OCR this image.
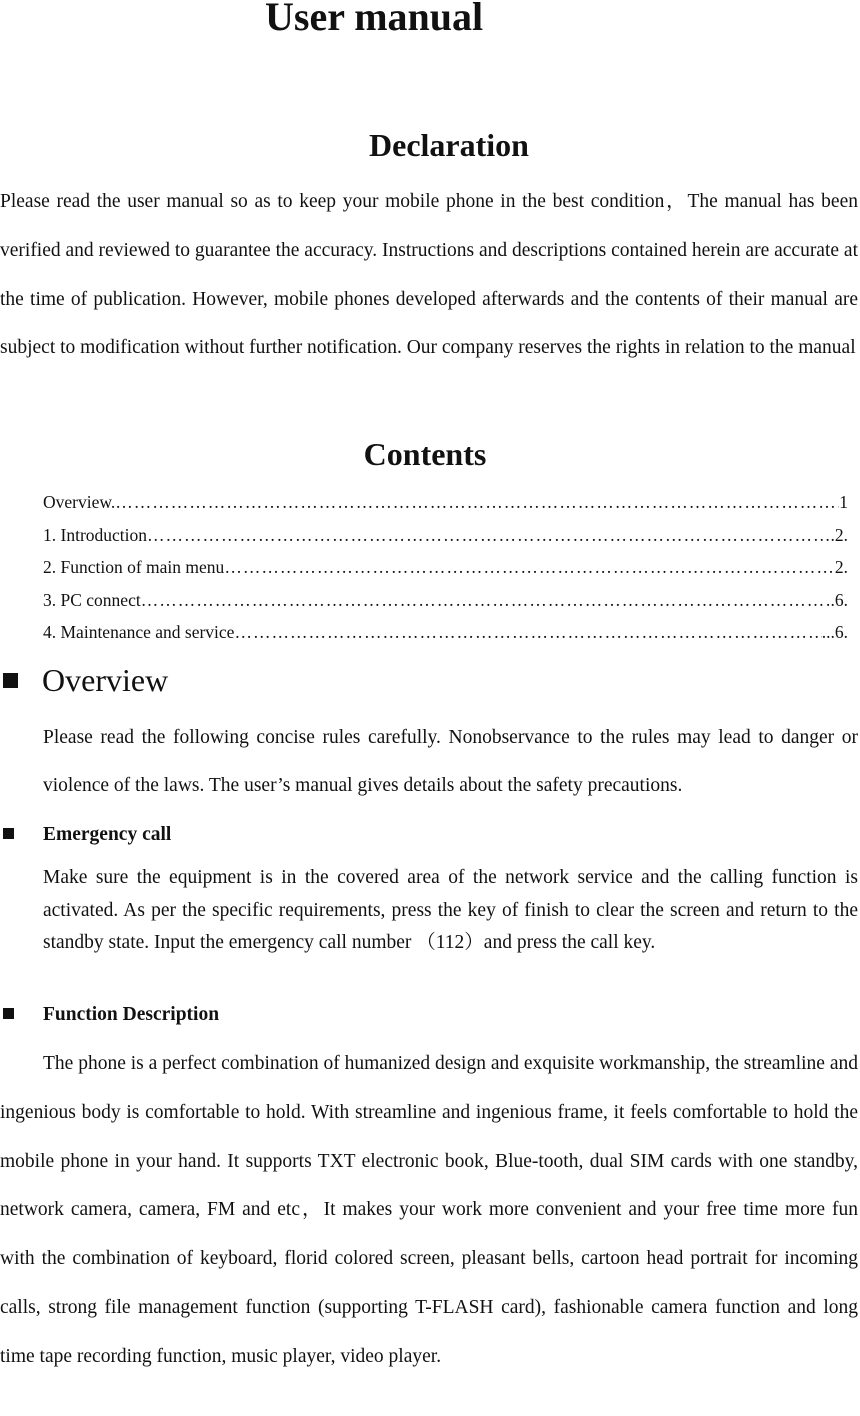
User manual
Declaration

Please read the user manual so as to keep your mobile phone in the best condition，The manual has been verified and reviewed to guarantee the accuracy. Instructions and descriptions contained herein are accurate at the time of publication. However, mobile phones developed afterwards and the contents of their manual are subject to modification without further notification. Our company reserves the rights in relation to the manual

Contents
Overview. ……………………………………………………………………………………………………………………	1
1. Introduction ……………………………………………………………………………………………………………………	.2.
2. Function of main menu ……………………………………………………………………………………………………………………	2.
3. PC connect ……………………………………………………………………………………………………………………	.6.
4. Maintenance and service ……………………………………………………………………………………………………………………	...6.
Overview

Please read the following concise rules carefully. Nonobservance to the rules may lead to danger or violence of the laws. The user’s manual gives details about the safety precautions.

Emergency call

Make sure the equipment is in the covered area of the network service and the calling function is activated. As per the specific requirements, press the key of finish to clear the screen and return to the standby state. Input the emergency call number （112）and press the call key.

Function Description

The phone is a perfect combination of humanized design and exquisite workmanship, the streamline and ingenious body is comfortable to hold. With streamline and ingenious frame, it feels comfortable to hold the mobile phone in your hand. It supports TXT electronic book, Blue-tooth, dual SIM cards with one standby, network camera, camera, FM and etc，It makes your work more convenient and your free time more fun with the combination of keyboard, florid colored screen, pleasant bells, cartoon head portrait for incoming calls, strong file management function (supporting T-FLASH card), fashionable camera function and long time tape recording function, music player, video player.
